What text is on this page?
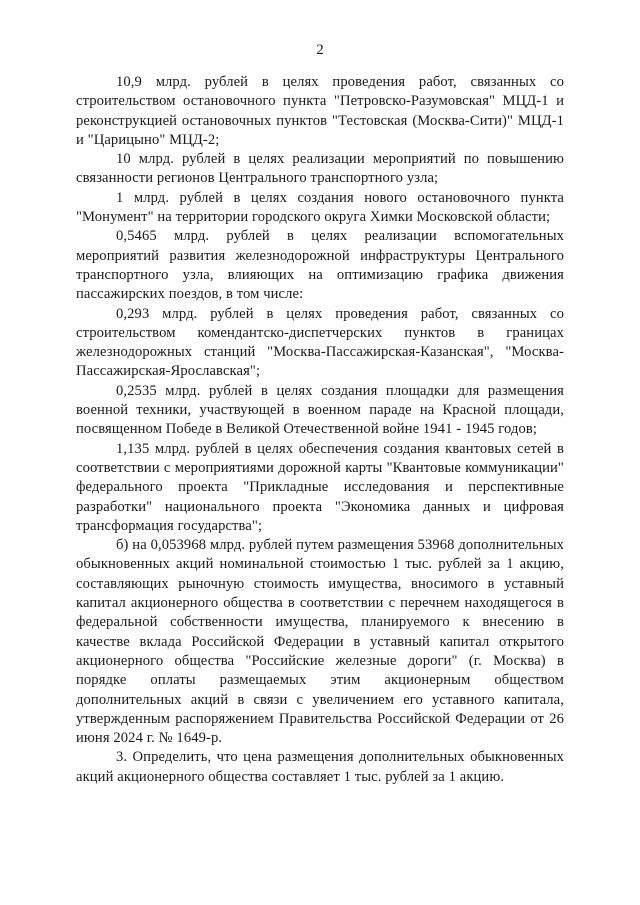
2

10,9 млрд. рублей в целях проведения работ, связанных со строительством остановочного пункта "Петровско-Разумовская" МЦД-1 и реконструкцией остановочных пунктов "Тестовская (Москва-Сити)" МЦД-1 и "Царицыно" МЦД-2;

10 млрд. рублей в целях реализации мероприятий по повышению связанности регионов Центрального транспортного узла;

1 млрд. рублей в целях создания нового остановочного пункта "Монумент" на территории городского округа Химки Московской области;

0,5465 млрд. рублей в целях реализации вспомогательных мероприятий развития железнодорожной инфраструктуры Центрального транспортного узла, влияющих на оптимизацию графика движения пассажирских поездов, в том числе:

0,293 млрд. рублей в целях проведения работ, связанных со строительством комендантско-диспетчерских пунктов в границах железнодорожных станций "Москва-Пассажирская-Казанская", "Москва-Пассажирская-Ярославская";

0,2535 млрд. рублей в целях создания площадки для размещения военной техники, участвующей в военном параде на Красной площади, посвященном Победе в Великой Отечественной войне 1941 - 1945 годов;

1,135 млрд. рублей в целях обеспечения создания квантовых сетей в соответствии с мероприятиями дорожной карты "Квантовые коммуникации" федерального проекта "Прикладные исследования и перспективные разработки" национального проекта "Экономика данных и цифровая трансформация государства";

б) на 0,053968 млрд. рублей путем размещения 53968 дополнительных обыкновенных акций номинальной стоимостью 1 тыс. рублей за 1 акцию, составляющих рыночную стоимость имущества, вносимого в уставный капитал акционерного общества в соответствии с перечнем находящегося в федеральной собственности имущества, планируемого к внесению в качестве вклада Российской Федерации в уставный капитал открытого акционерного общества "Российские железные дороги" (г. Москва) в порядке оплаты размещаемых этим акционерным обществом дополнительных акций в связи с увеличением его уставного капитала, утвержденным распоряжением Правительства Российской Федерации от 26 июня 2024 г. № 1649-р.

3. Определить, что цена размещения дополнительных обыкновенных акций акционерного общества составляет 1 тыс. рублей за 1 акцию.
